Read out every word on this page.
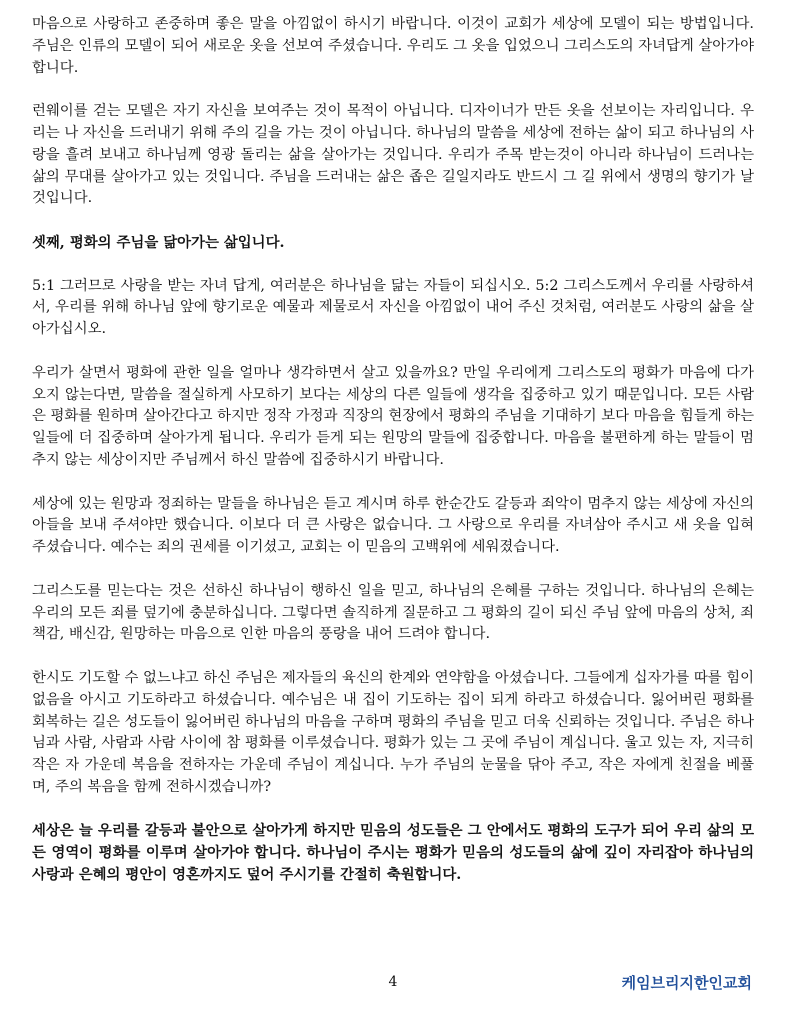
마음으로 사랑하고 존중하며 좋은 말을 아낌없이 하시기 바랍니다. 이것이 교회가 세상에 모델이 되는 방법입니다. 주님은 인류의 모델이 되어 새로운 옷을 선보여 주셨습니다. 우리도 그 옷을 입었으니 그리스도의 자녀답게 살아가야 합니다.

런웨이를 걷는 모델은 자기 자신을 보여주는 것이 목적이 아닙니다. 디자이너가 만든 옷을 선보이는 자리입니다. 우리는 나 자신을 드러내기 위해 주의 길을 가는 것이 아닙니다. 하나님의 말씀을 세상에 전하는 삶이 되고 하나님의 사랑을 흘려 보내고 하나님께 영광 돌리는 삶을 살아가는 것입니다. 우리가 주목 받는것이 아니라 하나님이 드러나는 삶의 무대를 살아가고 있는 것입니다. 주님을 드러내는 삶은 좁은 길일지라도 반드시 그 길 위에서 생명의 향기가 날 것입니다.

셋째, 평화의 주님을 닮아가는 삶입니다.

5:1 그러므로 사랑을 받는 자녀 답게, 여러분은 하나님을 닮는 자들이 되십시오. 5:2 그리스도께서 우리를 사랑하셔서, 우리를 위해 하나님 앞에 향기로운 예물과 제물로서 자신을 아낌없이 내어 주신 것처럼, 여러분도 사랑의 삶을 살아가십시오.

우리가 살면서 평화에 관한 일을 얼마나 생각하면서 살고 있을까요? 만일 우리에게 그리스도의 평화가 마음에 다가오지 않는다면, 말씀을 절실하게 사모하기 보다는 세상의 다른 일들에 생각을 집중하고 있기 때문입니다. 모든 사람은 평화를 원하며 살아간다고 하지만 정작 가정과 직장의 현장에서 평화의 주님을 기대하기 보다 마음을 힘들게 하는 일들에 더 집중하며 살아가게 됩니다. 우리가 듣게 되는 원망의 말들에 집중합니다. 마음을 불편하게 하는 말들이 멈추지 않는 세상이지만 주님께서 하신 말씀에 집중하시기 바랍니다.

세상에 있는 원망과 정죄하는 말들을 하나님은 듣고 계시며 하루 한순간도 갈등과 죄악이 멈추지 않는 세상에 자신의 아들을 보내 주셔야만 했습니다. 이보다 더 큰 사랑은 없습니다. 그 사랑으로 우리를 자녀삼아 주시고 새 옷을 입혀 주셨습니다. 예수는 죄의 권세를 이기셨고, 교회는 이 믿음의 고백위에 세워졌습니다.

그리스도를 믿는다는 것은 선하신 하나님이 행하신 일을 믿고, 하나님의 은혜를 구하는 것입니다. 하나님의 은혜는 우리의 모든 죄를 덮기에 충분하십니다. 그렇다면 솔직하게 질문하고 그 평화의 길이 되신 주님 앞에 마음의 상처, 죄책감, 배신감, 원망하는 마음으로 인한 마음의 풍랑을 내어 드려야 합니다.

한시도 기도할 수 없느냐고 하신 주님은 제자들의 육신의 한계와 연약함을 아셨습니다. 그들에게 십자가를 따를 힘이 없음을 아시고 기도하라고 하셨습니다. 예수님은 내 집이 기도하는 집이 되게 하라고 하셨습니다. 잃어버린 평화를 회복하는 길은 성도들이 잃어버린 하나님의 마음을 구하며 평화의 주님을 믿고 더욱 신뢰하는 것입니다. 주님은 하나님과 사람, 사람과 사람 사이에 참 평화를 이루셨습니다. 평화가 있는 그 곳에 주님이 계십니다. 울고 있는 자, 지극히 작은 자 가운데 복음을 전하자는 가운데 주님이 계십니다. 누가 주님의 눈물을 닦아 주고, 작은 자에게 친절을 베풀며, 주의 복음을 함께 전하시겠습니까?

세상은 늘 우리를 갈등과 불안으로 살아가게 하지만 믿음의 성도들은 그 안에서도 평화의 도구가 되어 우리 삶의 모든 영역이 평화를 이루며 살아가야 합니다. 하나님이 주시는 평화가 믿음의 성도들의 삶에 깊이 자리잡아 하나님의 사랑과 은혜의 평안이 영혼까지도 덮어 주시기를 간절히 축원합니다.

4	케임브리지한인교회
